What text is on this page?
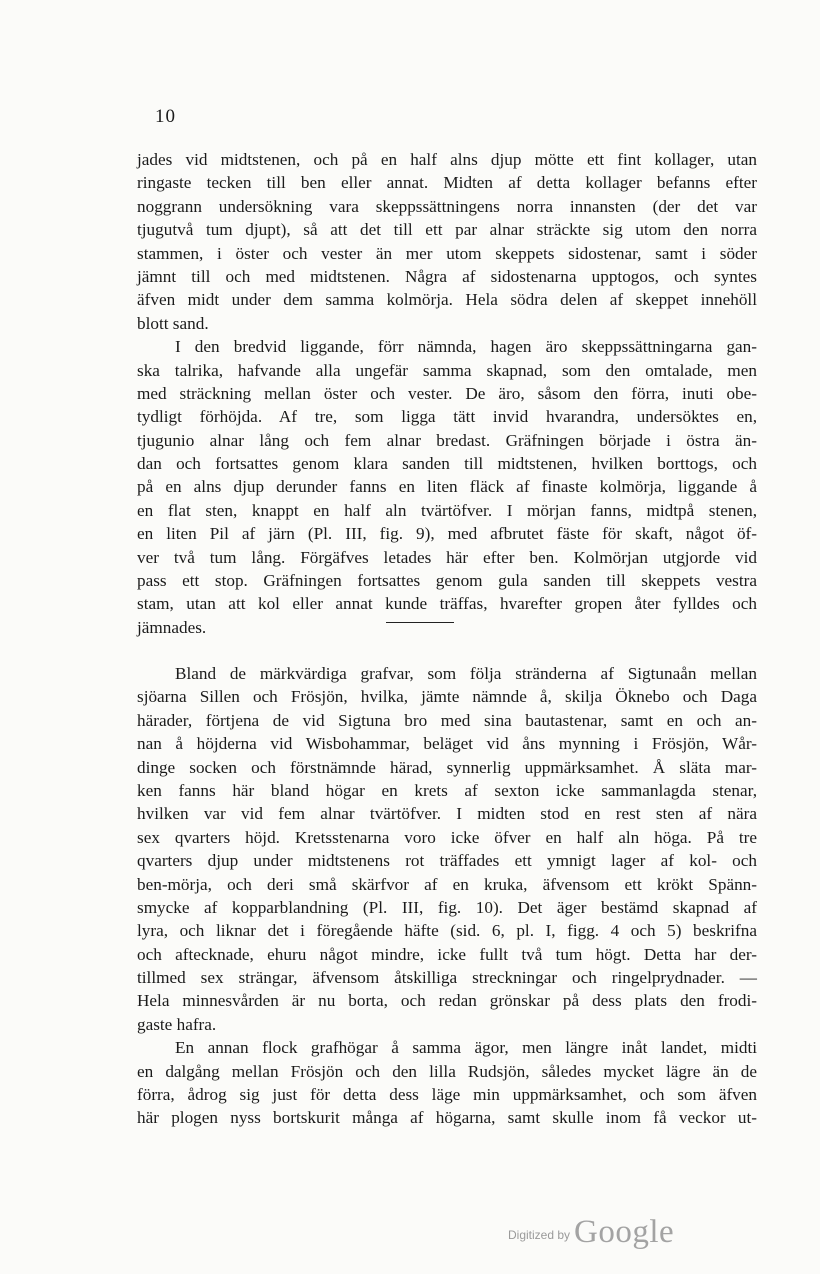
10
jades vid midtstenen, och på en half alns djup mötte ett fint kollager, utan
ringaste tecken till ben eller annat. Midten af detta kollager befanns efter
noggrann undersökning vara skeppssättningens norra innansten (der det var
tjugutvå tum djupt), så att det till ett par alnar sträckte sig utom den norra
stammen, i öster och vester än mer utom skeppets sidostenar, samt i söder
jämnt till och med midtstenen. Några af sidostenarna upptogos, och syntes
äfven midt under dem samma kolmörja. Hela södra delen af skeppet innehöll
blott sand.
I den bredvid liggande, förr nämnda, hagen äro skeppssättningarna gan-
ska talrika, hafvande alla ungefär samma skapnad, som den omtalade, men
med sträckning mellan öster och vester. De äro, såsom den förra, inuti obe-
tydligt förhöjda. Af tre, som ligga tätt invid hvarandra, undersöktes en,
tjugunio alnar lång och fem alnar bredast. Gräfningen började i östra än-
dan och fortsattes genom klara sanden till midtstenen, hvilken borttogs, och
på en alns djup derunder fanns en liten fläck af finaste kolmörja, liggande å
en flat sten, knappt en half aln tvärtöfver. I mörjan fanns, midtpå stenen,
en liten Pil af järn (Pl. III, fig. 9), med afbrutet fäste för skaft, något öf-
ver två tum lång. Förgäfves letades här efter ben. Kolmörjan utgjorde vid
pass ett stop. Gräfningen fortsattes genom gula sanden till skeppets vestra
stam, utan att kol eller annat kunde träffas, hvarefter gropen åter fylldes och
jämnades.
Bland de märkvärdiga grafvar, som följa stränderna af Sigtunaån mellan
sjöarna Sillen och Frösjön, hvilka, jämte nämnde å, skilja Öknebo och Daga
härader, förtjena de vid Sigtuna bro med sina bautastenar, samt en och an-
nan å höjderna vid Wisbohammar, beläget vid åns mynning i Frösjön, Wår-
dinge socken och förstnämnde härad, synnerlig uppmärksamhet. Å släta mar-
ken fanns här bland högar en krets af sexton icke sammanlagda stenar,
hvilken var vid fem alnar tvärtöfver. I midten stod en rest sten af nära
sex qvarters höjd. Kretsstenarna voro icke öfver en half aln höga. På tre
qvarters djup under midtstenens rot träffades ett ymnigt lager af kol- och
ben-mörja, och deri små skärfvor af en kruka, äfvensom ett krökt Spänn-
smycke af kopparblandning (Pl. III, fig. 10). Det äger bestämd skapnad af
lyra, och liknar det i föregående häfte (sid. 6, pl. I, figg. 4 och 5) beskrifna
och aftecknade, ehuru något mindre, icke fullt två tum högt. Detta har der-
tillmed sex strängar, äfvensom åtskilliga streckningar och ringelprydnader. —
Hela minnesvården är nu borta, och redan grönskar på dess plats den frodi-
gaste hafra.
En annan flock grafhögar å samma ägor, men längre inåt landet, midti
en dalgång mellan Frösjön och den lilla Rudsjön, således mycket lägre än de
förra, ådrog sig just för detta dess läge min uppmärksamhet, och som äfven
här plogen nyss bortskurit många af högarna, samt skulle inom få veckor ut-
Digitized by Google
